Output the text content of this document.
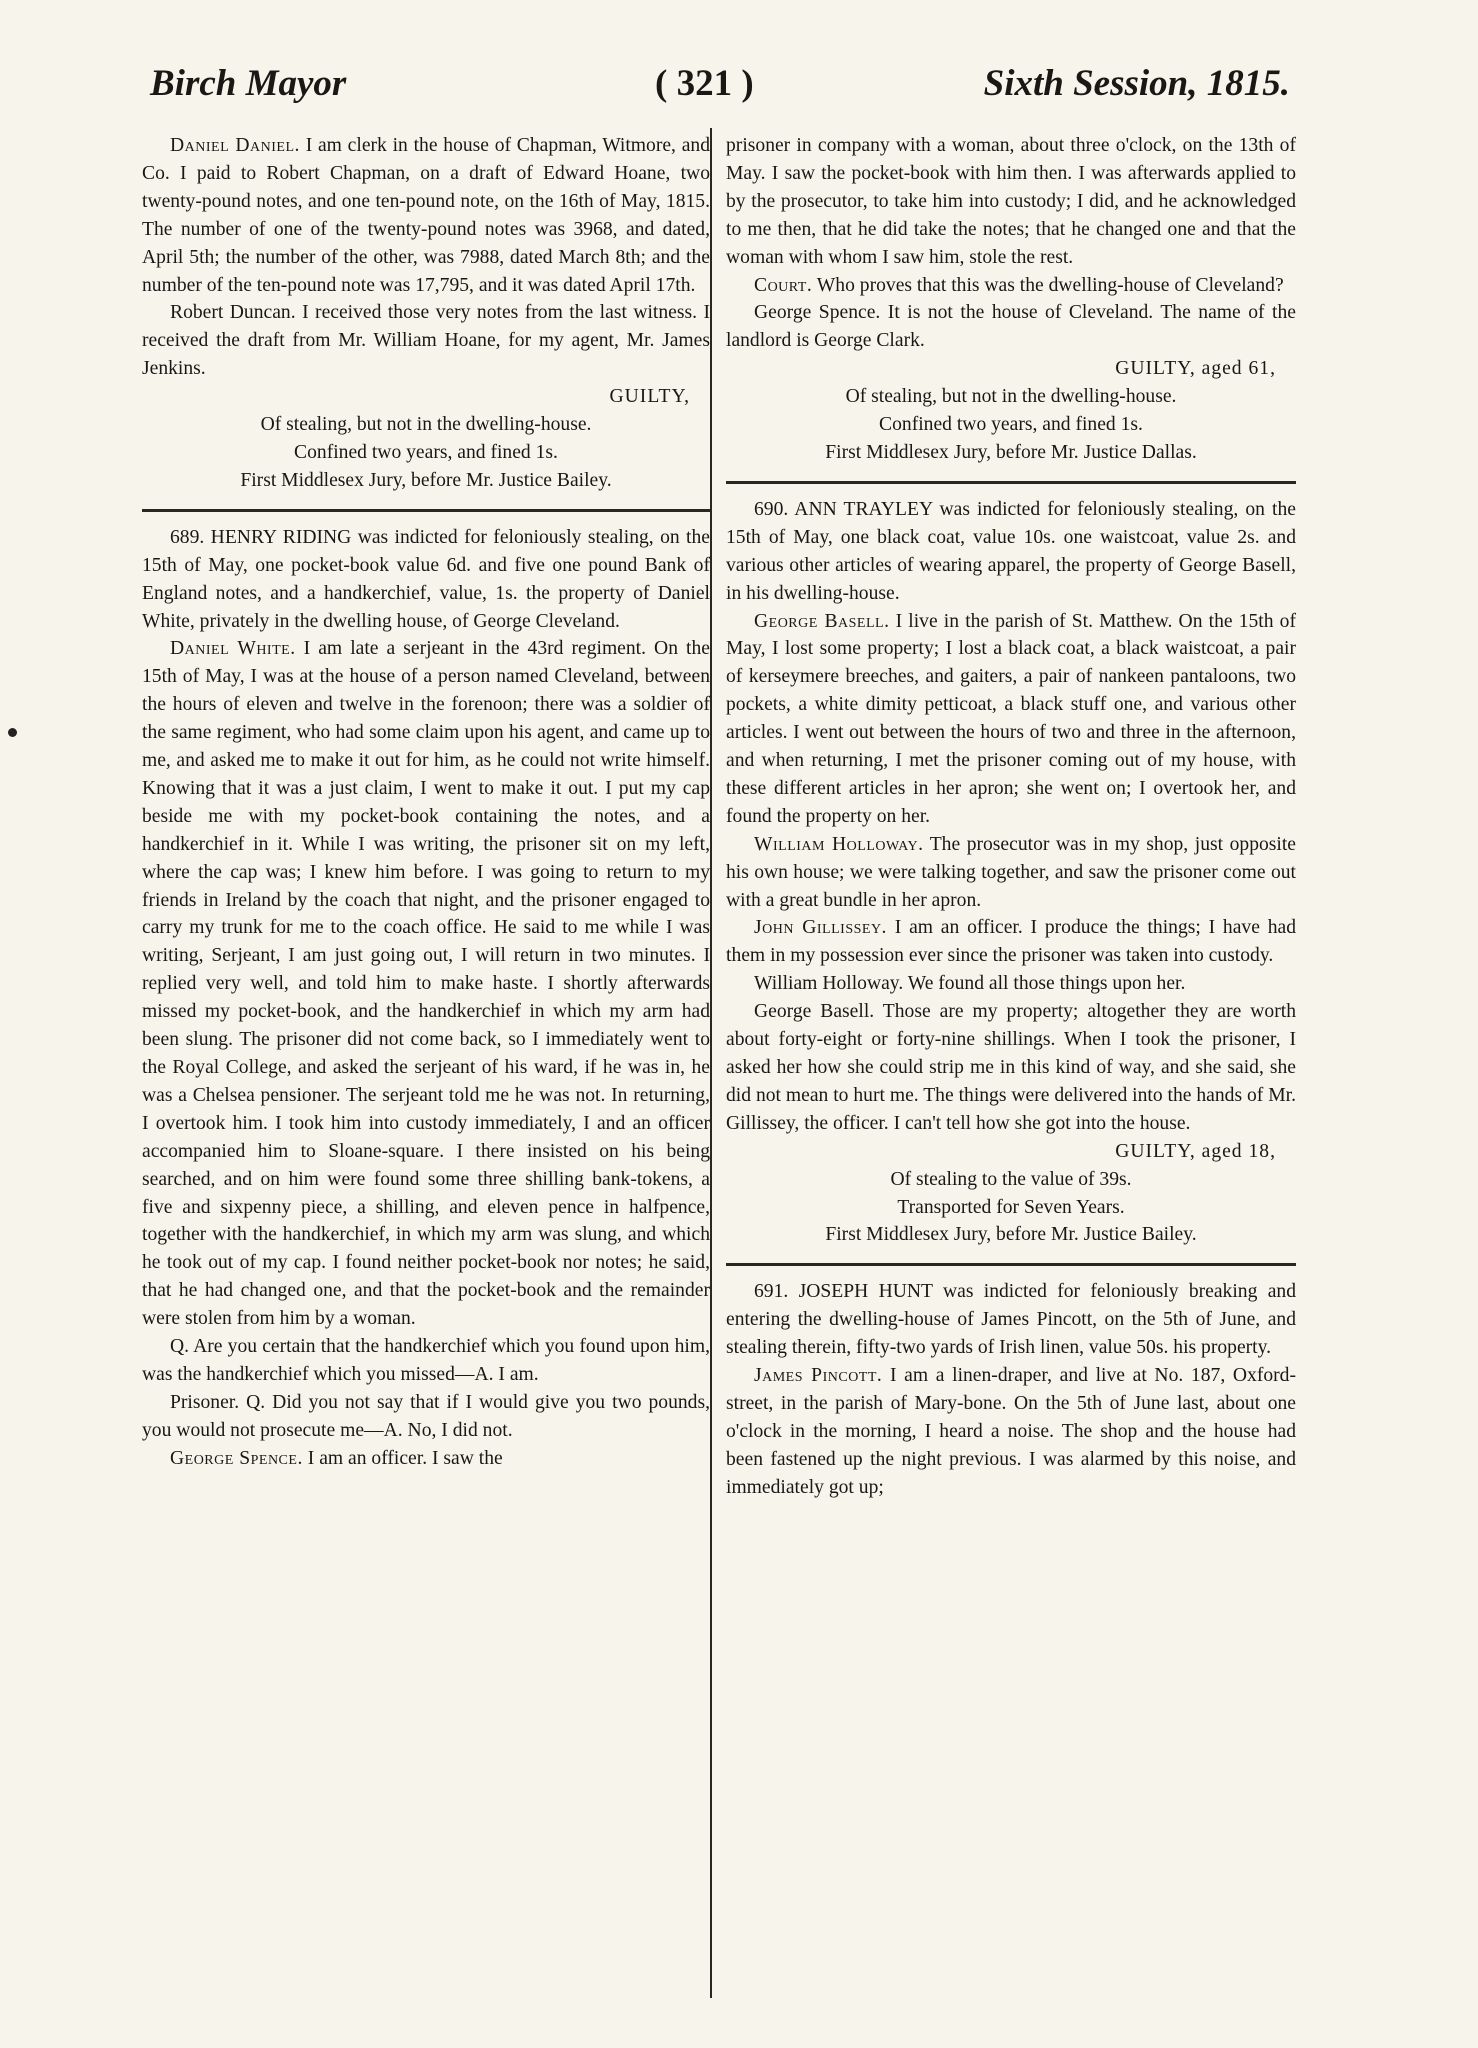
Birch Mayor	( 321 )	Sixth Session, 1815.

Daniel Daniel. I am clerk in the house of Chapman, Witmore, and Co. I paid to Robert Chapman, on a draft of Edward Hoane, two twenty-pound notes, and one ten-pound note, on the 16th of May, 1815. The number of one of the twenty-pound notes was 3968, and dated, April 5th; the number of the other, was 7988, dated March 8th; and the number of the ten-pound note was 17,795, and it was dated April 17th.

Robert Duncan. I received those very notes from the last witness. I received the draft from Mr. William Hoane, for my agent, Mr. James Jenkins.

GUILTY,

Of stealing, but not in the dwelling-house.

Confined two years, and fined 1s.

First Middlesex Jury, before Mr. Justice Bailey.

689. HENRY RIDING was indicted for feloniously stealing, on the 15th of May, one pocket-book value 6d. and five one pound Bank of England notes, and a handkerchief, value, 1s. the property of Daniel White, privately in the dwelling house, of George Cleveland.

Daniel White. I am late a serjeant in the 43rd regiment. On the 15th of May, I was at the house of a person named Cleveland, between the hours of eleven and twelve in the forenoon; there was a soldier of the same regiment, who had some claim upon his agent, and came up to me, and asked me to make it out for him, as he could not write himself. Knowing that it was a just claim, I went to make it out. I put my cap beside me with my pocket-book containing the notes, and a handkerchief in it. While I was writing, the prisoner sit on my left, where the cap was; I knew him before. I was going to return to my friends in Ireland by the coach that night, and the prisoner engaged to carry my trunk for me to the coach office. He said to me while I was writing, Serjeant, I am just going out, I will return in two minutes. I replied very well, and told him to make haste. I shortly afterwards missed my pocket-book, and the handkerchief in which my arm had been slung. The prisoner did not come back, so I immediately went to the Royal College, and asked the serjeant of his ward, if he was in, he was a Chelsea pensioner. The serjeant told me he was not. In returning, I overtook him. I took him into custody immediately, I and an officer accompanied him to Sloane-square. I there insisted on his being searched, and on him were found some three shilling bank-tokens, a five and sixpenny piece, a shilling, and eleven pence in halfpence, together with the handkerchief, in which my arm was slung, and which he took out of my cap. I found neither pocket-book nor notes; he said, that he had changed one, and that the pocket-book and the remainder were stolen from him by a woman.

Q. Are you certain that the handkerchief which you found upon him, was the handkerchief which you missed—A. I am.

Prisoner. Q. Did you not say that if I would give you two pounds, you would not prosecute me—A. No, I did not.

George Spence. I am an officer. I saw the

prisoner in company with a woman, about three o'clock, on the 13th of May. I saw the pocket-book with him then. I was afterwards applied to by the prosecutor, to take him into custody; I did, and he acknowledged to me then, that he did take the notes; that he changed one and that the woman with whom I saw him, stole the rest.

Court. Who proves that this was the dwelling-house of Cleveland?

George Spence. It is not the house of Cleveland. The name of the landlord is George Clark.

GUILTY, aged 61,

Of stealing, but not in the dwelling-house.

Confined two years, and fined 1s.

First Middlesex Jury, before Mr. Justice Dallas.

690. ANN TRAYLEY was indicted for feloniously stealing, on the 15th of May, one black coat, value 10s. one waistcoat, value 2s. and various other articles of wearing apparel, the property of George Basell, in his dwelling-house.

George Basell. I live in the parish of St. Matthew. On the 15th of May, I lost some property; I lost a black coat, a black waistcoat, a pair of kerseymere breeches, and gaiters, a pair of nankeen pantaloons, two pockets, a white dimity petticoat, a black stuff one, and various other articles. I went out between the hours of two and three in the afternoon, and when returning, I met the prisoner coming out of my house, with these different articles in her apron; she went on; I overtook her, and found the property on her.

William Holloway. The prosecutor was in my shop, just opposite his own house; we were talking together, and saw the prisoner come out with a great bundle in her apron.

John Gillissey. I am an officer. I produce the things; I have had them in my possession ever since the prisoner was taken into custody.

William Holloway. We found all those things upon her.

George Basell. Those are my property; altogether they are worth about forty-eight or forty-nine shillings. When I took the prisoner, I asked her how she could strip me in this kind of way, and she said, she did not mean to hurt me. The things were delivered into the hands of Mr. Gillissey, the officer. I can't tell how she got into the house.

GUILTY, aged 18,

Of stealing to the value of 39s.

Transported for Seven Years.

First Middlesex Jury, before Mr. Justice Bailey.

691. JOSEPH HUNT was indicted for feloniously breaking and entering the dwelling-house of James Pincott, on the 5th of June, and stealing therein, fifty-two yards of Irish linen, value 50s. his property.

James Pincott. I am a linen-draper, and live at No. 187, Oxford-street, in the parish of Mary-bone. On the 5th of June last, about one o'clock in the morning, I heard a noise. The shop and the house had been fastened up the night previous. I was alarmed by this noise, and immediately got up;
